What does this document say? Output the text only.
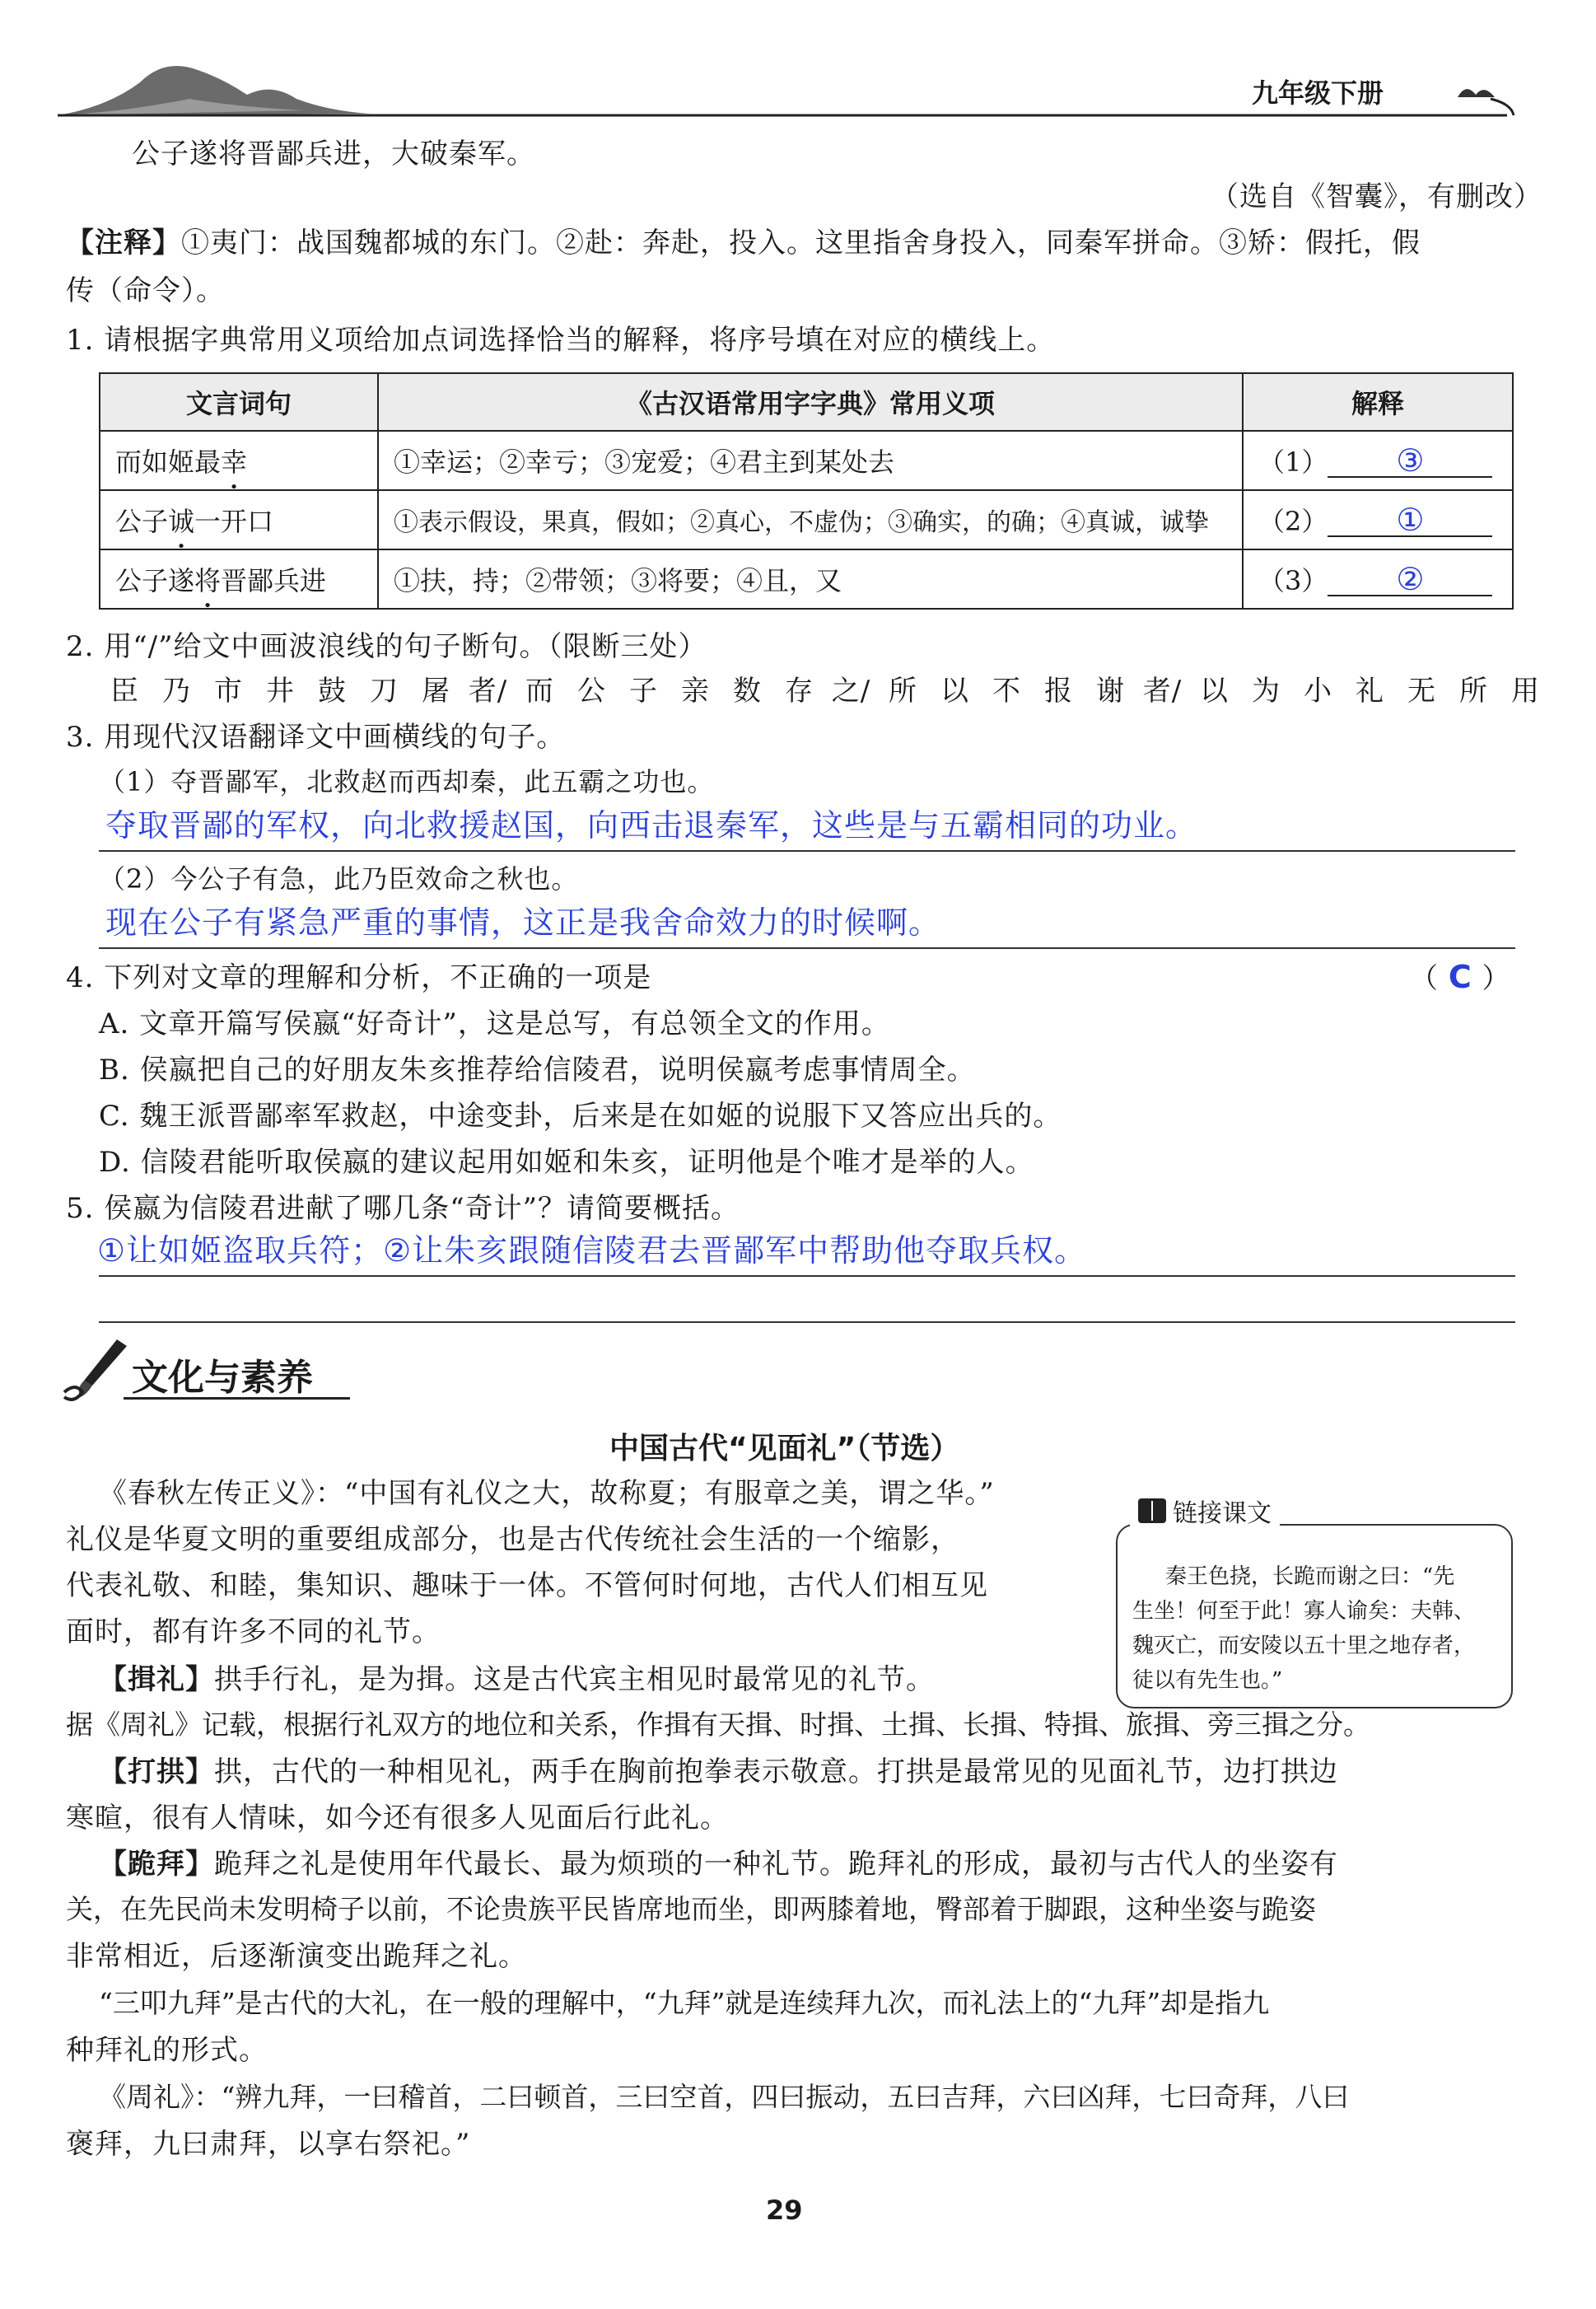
九年级下册
公子遂将晋鄙兵进，大破秦军。
（选自《智囊》，有删改）
【注释】①夷门：战国魏都城的东门。②赴：奔赴，投入。这里指舍身投入，同秦军拼命。③矫：假托，假
传（命令）。
1. 请根据字典常用义项给加点词选择恰当的解释，将序号填在对应的横线上。
文言词句	《古汉语常用字字典》常用义项	解释
而如姬最幸	①幸运；②幸亏；③宠爱；④君主到某处去	（1） ③
公子诚一开口	①表示假设，果真，假如；②真心，不虚伪；③确实，的确；④真诚，诚挚	（2） ①
公子遂将晋鄙兵进	①扶，持；②带领；③将要；④且，又	（3） ②
2. 用“/”给文中画波浪线的句子断句。（限断三处）
臣 乃 市 井 鼓 刀 屠 者/ 而 公 子 亲 数 存 之/ 所 以 不 报 谢 者/ 以 为 小 礼 无 所 用
3. 用现代汉语翻译文中画横线的句子。
（1）夺晋鄙军，北救赵而西却秦，此五霸之功也。
夺取晋鄙的军权，向北救援赵国，向西击退秦军，这些是与五霸相同的功业。
（2）今公子有急，此乃臣效命之秋也。
现在公子有紧急严重的事情，这正是我舍命效力的时候啊。
4. 下列对文章的理解和分析，不正确的一项是	（ C ）
A. 文章开篇写侯嬴“好奇计”，这是总写，有总领全文的作用。
B. 侯嬴把自己的好朋友朱亥推荐给信陵君，说明侯嬴考虑事情周全。
C. 魏王派晋鄙率军救赵，中途变卦，后来是在如姬的说服下又答应出兵的。
D. 信陵君能听取侯嬴的建议起用如姬和朱亥，证明他是个唯才是举的人。
5. 侯嬴为信陵君进献了哪几条“奇计”？请简要概括。
①让如姬盗取兵符；②让朱亥跟随信陵君去晋鄙军中帮助他夺取兵权。
文化与素养
中国古代“见面礼”（节选）
《春秋左传正义》：“中国有礼仪之大，故称夏；有服章之美，谓之华。”
礼仪是华夏文明的重要组成部分，也是古代传统社会生活的一个缩影，
代表礼敬、和睦，集知识、趣味于一体。不管何时何地，古代人们相互见
面时，都有许多不同的礼节。
秦王色挠，长跪而谢之曰：“先
生坐！何至于此！寡人谕矣：夫韩、
魏灭亡，而安陵以五十里之地存者，
徒以有先生也。”
链接课文
【揖礼】拱手行礼，是为揖。这是古代宾主相见时最常见的礼节。
据《周礼》记载，根据行礼双方的地位和关系，作揖有天揖、时揖、土揖、长揖、特揖、旅揖、旁三揖之分。
【打拱】拱，古代的一种相见礼，两手在胸前抱拳表示敬意。打拱是最常见的见面礼节，边打拱边
寒暄，很有人情味，如今还有很多人见面后行此礼。
【跪拜】跪拜之礼是使用年代最长、最为烦琐的一种礼节。跪拜礼的形成，最初与古代人的坐姿有
关，在先民尚未发明椅子以前，不论贵族平民皆席地而坐，即两膝着地，臀部着于脚跟，这种坐姿与跪姿
非常相近，后逐渐演变出跪拜之礼。
“三叩九拜”是古代的大礼，在一般的理解中，“九拜”就是连续拜九次，而礼法上的“九拜”却是指九
种拜礼的形式。
《周礼》：“辨九拜，一曰稽首，二曰顿首，三曰空首，四曰振动，五曰吉拜，六曰凶拜，七曰奇拜，八曰
褒拜，九曰肃拜，以享右祭祀。”
29
